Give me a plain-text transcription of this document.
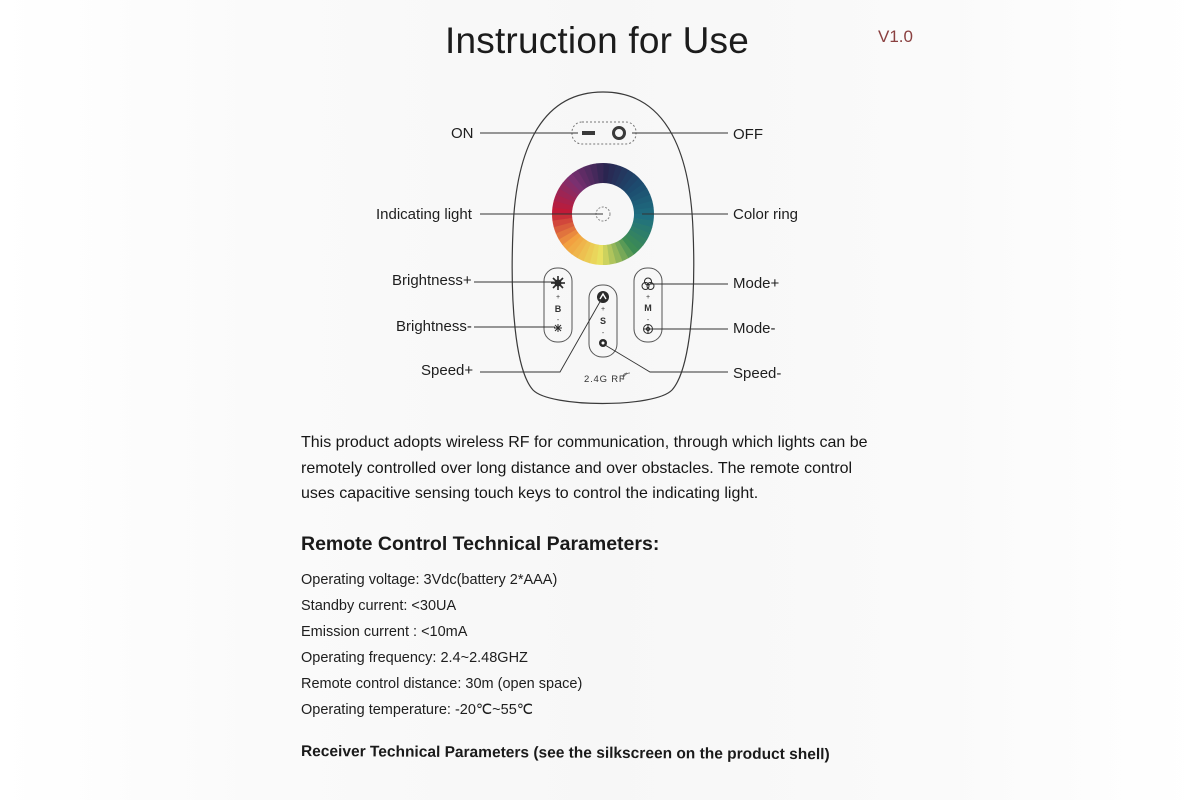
Instruction for Use	V1.0
+
B
-
+
S
-
+
M
-
2.4G RF
ON	OFF
Indicating light	Color ring
Brightness+	Mode+
Brightness-	Mode-
Speed+	Speed-
This product adopts wireless RF for communication, through which lights can be
remotely controlled over long distance and over obstacles. The remote control
uses capacitive sensing touch keys to control the indicating light.
Remote Control Technical Parameters:
Operating voltage: 3Vdc(battery 2*AAA)
Standby current: <30UA
Emission current : <10mA
Operating frequency: 2.4~2.48GHZ
Remote control distance: 30m (open space)
Operating temperature: -20℃~55℃
Receiver Technical Parameters (see the silkscreen on the product shell)
